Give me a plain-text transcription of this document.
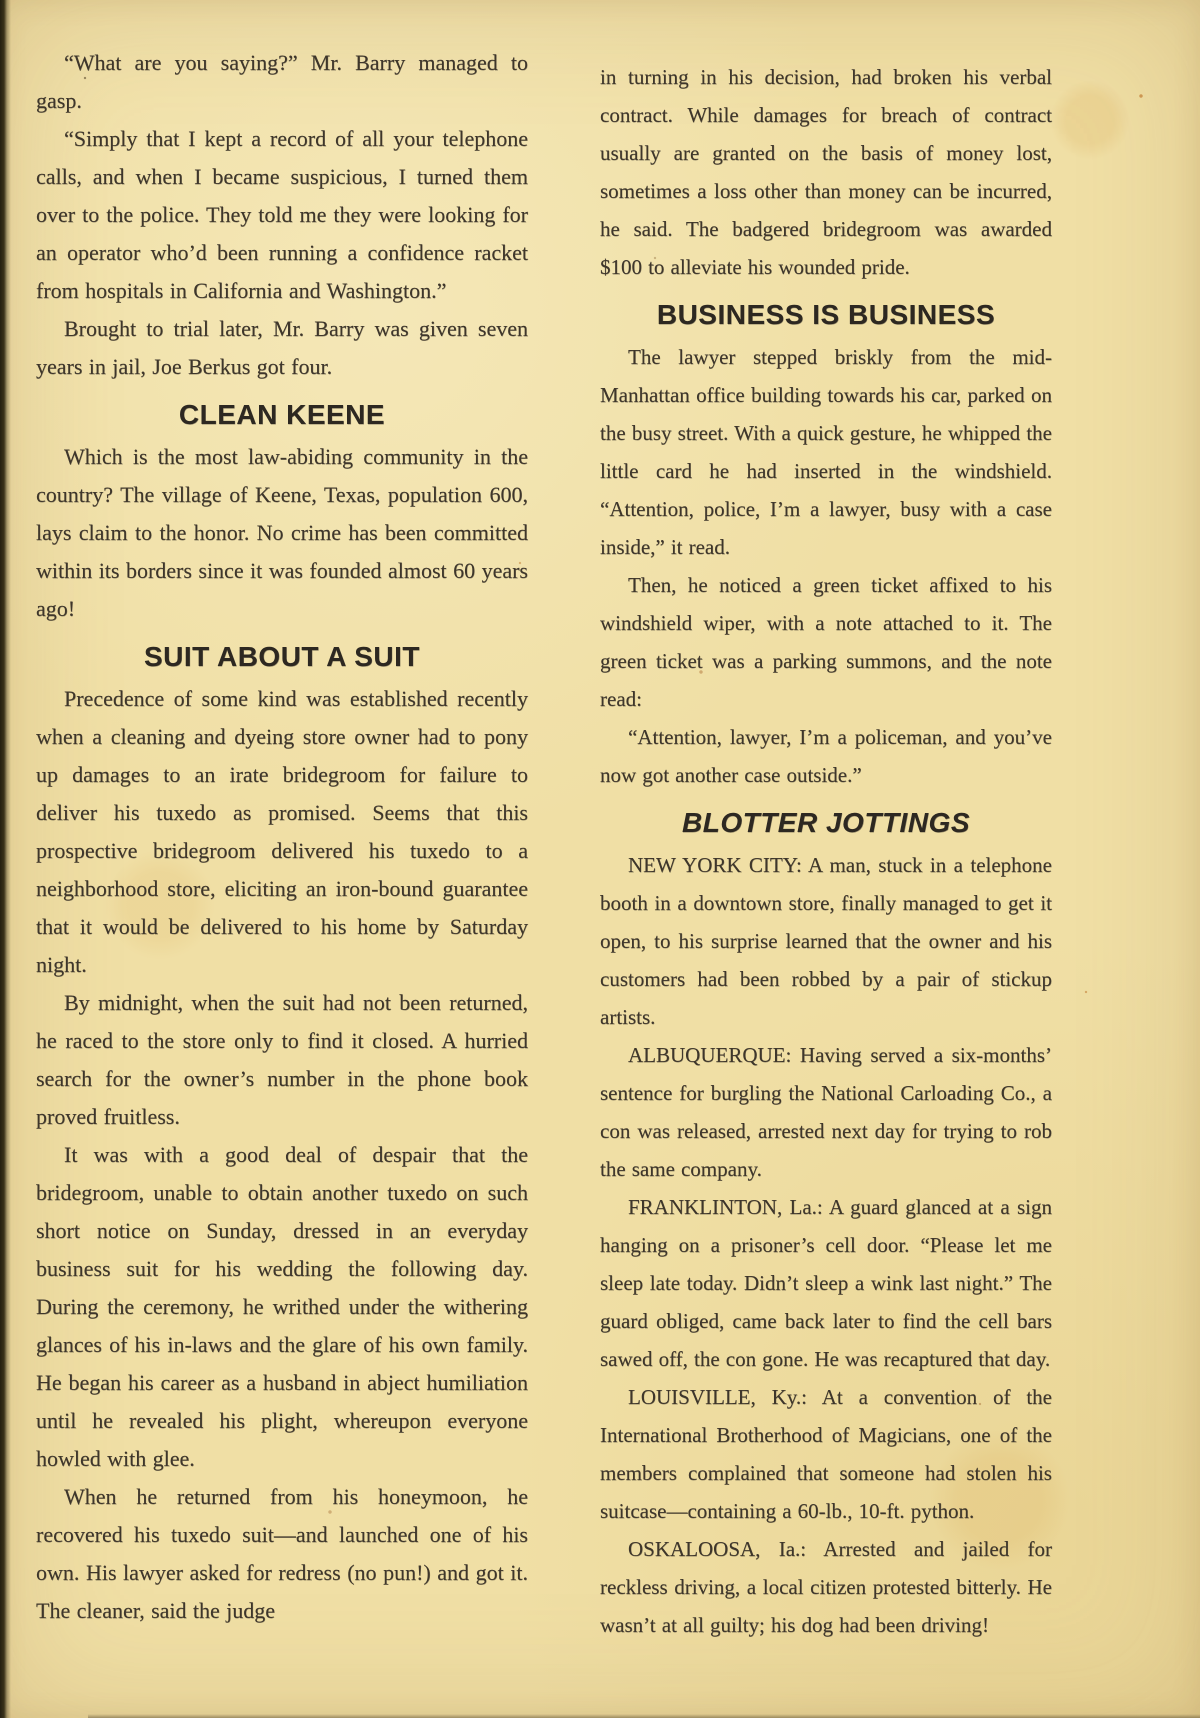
“What are you saying?” Mr. Barry managed to gasp.

“Simply that I kept a record of all your telephone calls, and when I became suspicious, I turned them over to the police. They told me they were looking for an operator who’d been running a confidence racket from hospitals in California and Washington.”

Brought to trial later, Mr. Barry was given seven years in jail, Joe Berkus got four.

CLEAN KEENE

Which is the most law-abiding community in the country? The village of Keene, Texas, population 600, lays claim to the honor. No crime has been committed within its borders since it was founded almost 60 years ago!

SUIT ABOUT A SUIT

Precedence of some kind was established recently when a cleaning and dyeing store owner had to pony up damages to an irate bridegroom for failure to deliver his tuxedo as promised. Seems that this prospective bridegroom delivered his tuxedo to a neighborhood store, eliciting an iron-bound guarantee that it would be delivered to his home by Saturday night.

By midnight, when the suit had not been returned, he raced to the store only to find it closed. A hurried search for the owner’s number in the phone book proved fruitless.

It was with a good deal of despair that the bridegroom, unable to obtain another tuxedo on such short notice on Sunday, dressed in an everyday business suit for his wedding the following day. During the ceremony, he writhed under the withering glances of his in-laws and the glare of his own family. He began his career as a husband in abject humiliation until he revealed his plight, whereupon everyone howled with glee.

When he returned from his honeymoon, he recovered his tuxedo suit—and launched one of his own. His lawyer asked for redress (no pun!) and got it. The cleaner, said the judge

in turning in his decision, had broken his verbal contract. While damages for breach of contract usually are granted on the basis of money lost, sometimes a loss other than money can be incurred, he said. The badgered bridegroom was awarded $100 to alleviate his wounded pride.

BUSINESS IS BUSINESS

The lawyer stepped briskly from the mid-Manhattan office building towards his car, parked on the busy street. With a quick gesture, he whipped the little card he had inserted in the windshield. “Attention, police, I’m a lawyer, busy with a case inside,” it read.

Then, he noticed a green ticket affixed to his windshield wiper, with a note attached to it. The green ticket was a parking summons, and the note read:

“Attention, lawyer, I’m a policeman, and you’ve now got another case outside.”

BLOTTER JOTTINGS

NEW YORK CITY: A man, stuck in a telephone booth in a downtown store, finally managed to get it open, to his surprise learned that the owner and his customers had been robbed by a pair of stickup artists.

ALBUQUERQUE: Having served a six-months’ sentence for burgling the National Carloading Co., a con was released, arrested next day for trying to rob the same company.

FRANKLINTON, La.: A guard glanced at a sign hanging on a prisoner’s cell door. “Please let me sleep late today. Didn’t sleep a wink last night.” The guard obliged, came back later to find the cell bars sawed off, the con gone. He was recaptured that day.

LOUISVILLE, Ky.: At a convention of the International Brotherhood of Magicians, one of the members complained that someone had stolen his suitcase—containing a 60-lb., 10-ft. python.

OSKALOOSA, Ia.: Arrested and jailed for reckless driving, a local citizen protested bitterly. He wasn’t at all guilty; his dog had been driving!
